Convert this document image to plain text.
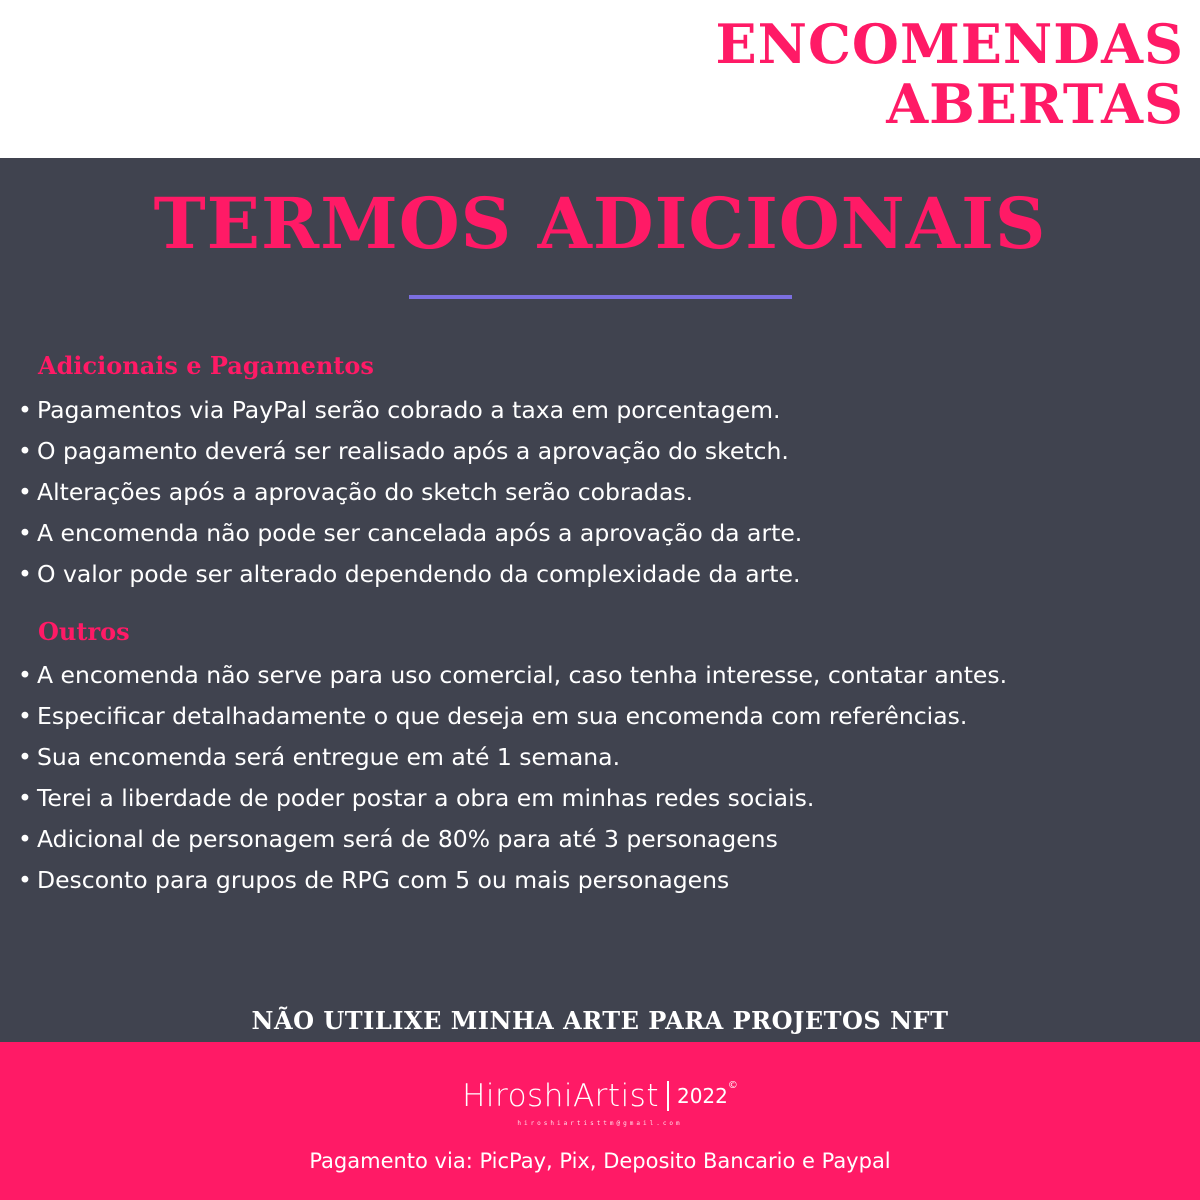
ENCOMENDAS
ABERTAS
TERMOS ADICIONAIS
Adicionais e Pagamentos
• Pagamentos via PayPal serão cobrado a taxa em porcentagem.
• O pagamento deverá ser realisado após a aprovação do sketch.
• Alterações após a aprovação do sketch serão cobradas.
• A encomenda não pode ser cancelada após a aprovação da arte.
• O valor pode ser alterado dependendo da complexidade da arte.
Outros
• A encomenda não serve para uso comercial, caso tenha interesse, contatar antes.
• Especificar detalhadamente o que deseja em sua encomenda com referências.
• Sua encomenda será entregue em até 1 semana.
• Terei a liberdade de poder postar a obra em minhas redes sociais.
• Adicional de personagem será de 80% para até 3 personagens
• Desconto para grupos de RPG com 5 ou mais personagens
NÃO UTILIXE MINHA ARTE PARA PROJETOS NFT
HiroshiArtist 2022©
hiroshiartisttm@gmail.com
Pagamento via: PicPay, Pix, Deposito Bancario e Paypal
